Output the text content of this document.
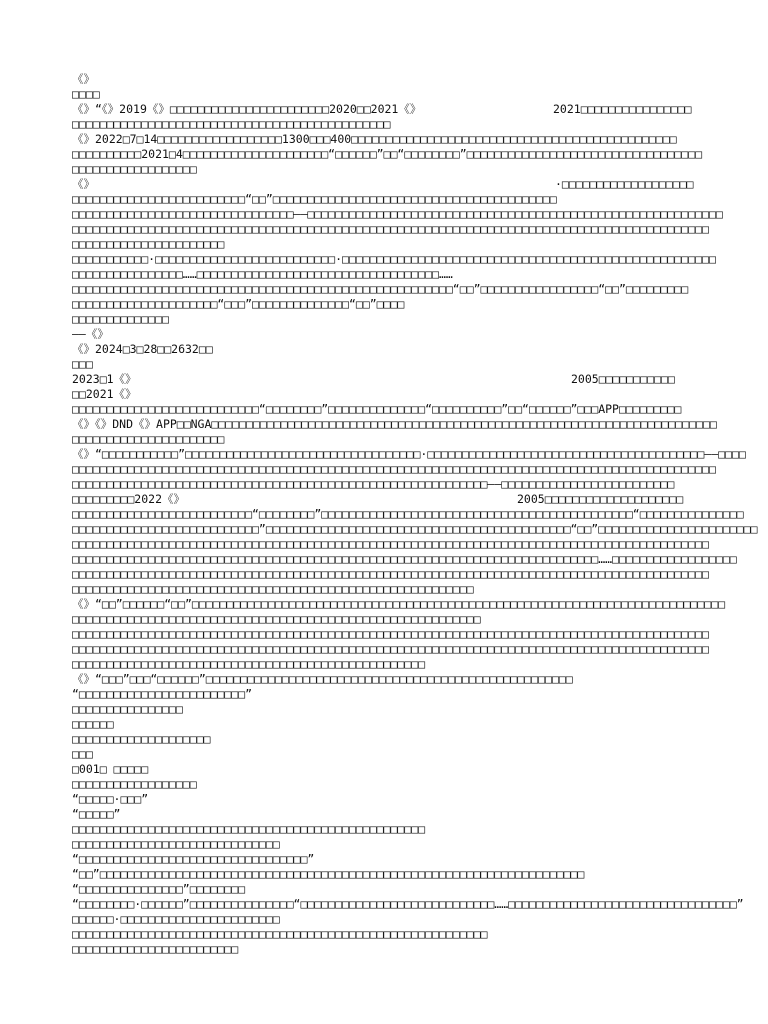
《》
□□□□
《》“《》2019《》□□□□□□□□□□□□□□□□□□□□□□□2020□□2021《》	2021□□□□□□□□□□□□□□□□
□□□□□□□□□□□□□□□□□□□□□□□□□□□□□□□□□□□□□□□□□□□□□□
《》2022□7□14□□□□□□□□□□□□□□□□□□1300□□□400□□□□□□□□□□□□□□□□□□□□□□□□□□□□□□□□□□□□□□□□□□□□□□□
□□□□□□□□□□2021□4□□□□□□□□□□□□□□□□□□□□□“□□□□□□”□□“□□□□□□□□”□□□□□□□□□□□□□□□□□□□□□□□□□□□□□□□□□□
□□□□□□□□□□□□□□□□□□
《》	·□□□□□□□□□□□□□□□□□□□
□□□□□□□□□□□□□□□□□□□□□□□□□“□□”□□□□□□□□□□□□□□□□□□□□□□□□□□□□□□□□□□□□□□□□□
□□□□□□□□□□□□□□□□□□□□□□□□□□□□□□□□——□□□□□□□□□□□□□□□□□□□□□□□□□□□□□□□□□□□□□□□□□□□□□□□□□□□□□□□□□□□□
□□□□□□□□□□□□□□□□□□□□□□□□□□□□□□□□□□□□□□□□□□□□□□□□□□□□□□□□□□□□□□□□□□□□□□□□□□□□□□□□□□□□□□□□□□□□
□□□□□□□□□□□□□□□□□□□□□□
□□□□□□□□□□□·□□□□□□□□□□□□□□□□□□□□□□□□□□·□□□□□□□□□□□□□□□□□□□□□□□□□□□□□□□□□□□□□□□□□□□□□□□□□□□□□□
□□□□□□□□□□□□□□□□……□□□□□□□□□□□□□□□□□□□□□□□□□□□□□□□□□□□……
□□□□□□□□□□□□□□□□□□□□□□□□□□□□□□□□□□□□□□□□□□□□□□□□□□□□□□□“□□”□□□□□□□□□□□□□□□□□“□□”□□□□□□□□□
□□□□□□□□□□□□□□□□□□□□□“□□□”□□□□□□□□□□□□□□“□□”□□□□
□□□□□□□□□□□□□□
——《》
《》2024□3□28□□2632□□
□□□
2023□1《》	2005□□□□□□□□□□□
□□2021《》
□□□□□□□□□□□□□□□□□□□□□□□□□□□“□□□□□□□□”□□□□□□□□□□□□□□“□□□□□□□□□□”□□“□□□□□□”□□□APP□□□□□□□□□
《》《》DND《》APP□□NGA□□□□□□□□□□□□□□□□□□□□□□□□□□□□□□□□□□□□□□□□□□□□□□□□□□□□□□□□□□□□□□□□□□□□□□□□□
□□□□□□□□□□□□□□□□□□□□□□
《》“□□□□□□□□□□□”□□□□□□□□□□□□□□□□□□□□□□□□□□□□□□□□□□·□□□□□□□□□□□□□□□□□□□□□□□□□□□□□□□□□□□□□□□□——□□□□
□□□□□□□□□□□□□□□□□□□□□□□□□□□□□□□□□□□□□□□□□□□□□□□□□□□□□□□□□□□□□□□□□□□□□□□□□□□□□□□□□□□□□□□□□□□□□
□□□□□□□□□□□□□□□□□□□□□□□□□□□□□□□□□□□□□□□□□□□□□□□□□□□□□□□□□□□□——□□□□□□□□□□□□□□□□□□□□□□□□□
□□□□□□□□□2022《》	2005□□□□□□□□□□□□□□□□□□□□
□□□□□□□□□□□□□□□□□□□□□□□□□□“□□□□□□□□”□□□□□□□□□□□□□□□□□□□□□□□□□□□□□□□□□□□□□□□□□□□□□“□□□□□□□□□□□□□□□
□□□□□□□□□□□□□□□□□□□□□□□□□□□”□□□□□□□□□□□□□□□□□□□□□□□□□□□□□□□□□□□□□□□□□□□□“□□”□□□□□□□□□□□□□□□□□□□□□□□
□□□□□□□□□□□□□□□□□□□□□□□□□□□□□□□□□□□□□□□□□□□□□□□□□□□□□□□□□□□□□□□□□□□□□□□□□□□□□□□□□□□□□□□□□□□□
□□□□□□□□□□□□□□□□□□□□□□□□□□□□□□□□□□□□□□□□□□□□□□□□□□□□□□□□□□□□□□□□□□□□□□□□□□□□……□□□□□□□□□□□□□□□□□□
□□□□□□□□□□□□□□□□□□□□□□□□□□□□□□□□□□□□□□□□□□□□□□□□□□□□□□□□□□□□□□□□□□□□□□□□□□□□□□□□□□□□□□□□□□□□
□□□□□□□□□□□□□□□□□□□□□□□□□□□□□□□□□□□□□□□□□□□□□□□□□□□□□□□□□□
《》“□□”□□□□□□“□□”□□□□□□□□□□□□□□□□□□□□□□□□□□□□□□□□□□□□□□□□□□□□□□□□□□□□□□□□□□□□□□□□□□□□□□□□□□□□□
□□□□□□□□□□□□□□□□□□□□□□□□□□□□□□□□□□□□□□□□□□□□□□□□□□□□□□□□□□□
□□□□□□□□□□□□□□□□□□□□□□□□□□□□□□□□□□□□□□□□□□□□□□□□□□□□□□□□□□□□□□□□□□□□□□□□□□□□□□□□□□□□□□□□□□□□
□□□□□□□□□□□□□□□□□□□□□□□□□□□□□□□□□□□□□□□□□□□□□□□□□□□□□□□□□□□□□□□□□□□□□□□□□□□□□□□□□□□□□□□□□□□□
□□□□□□□□□□□□□□□□□□□□□□□□□□□□□□□□□□□□□□□□□□□□□□□□□□□
《》“□□□”□□□“□□□□□□”□□□□□□□□□□□□□□□□□□□□□□□□□□□□□□□□□□□□□□□□□□□□□□□□□□□□□
“□□□□□□□□□□□□□□□□□□□□□□□□”
□□□□□□□□□□□□□□□□
□□□□□□
□□□□□□□□□□□□□□□□□□□□
□□□
□001□ □□□□□
□□□□□□□□□□□□□□□□□□
“□□□□□·□□□”
“□□□□□”
□□□□□□□□□□□□□□□□□□□□□□□□□□□□□□□□□□□□□□□□□□□□□□□□□□□
□□□□□□□□□□□□□□□□□□□□□□□□□□□□□□
“□□□□□□□□□□□□□□□□□□□□□□□□□□□□□□□□□”
“□□”□□□□□□□□□□□□□□□□□□□□□□□□□□□□□□□□□□□□□□□□□□□□□□□□□□□□□□□□□□□□□□□□□□□□□□
“□□□□□□□□□□□□□□□”□□□□□□□□
“□□□□□□□□·□□□□□□”□□□□□□□□□□□□□□□“□□□□□□□□□□□□□□□□□□□□□□□□□□□□……□□□□□□□□□□□□□□□□□□□□□□□□□□□□□□□□□”
□□□□□□·□□□□□□□□□□□□□□□□□□□□□□□
□□□□□□□□□□□□□□□□□□□□□□□□□□□□□□□□□□□□□□□□□□□□□□□□□□□□□□□□□□□□
□□□□□□□□□□□□□□□□□□□□□□□□
